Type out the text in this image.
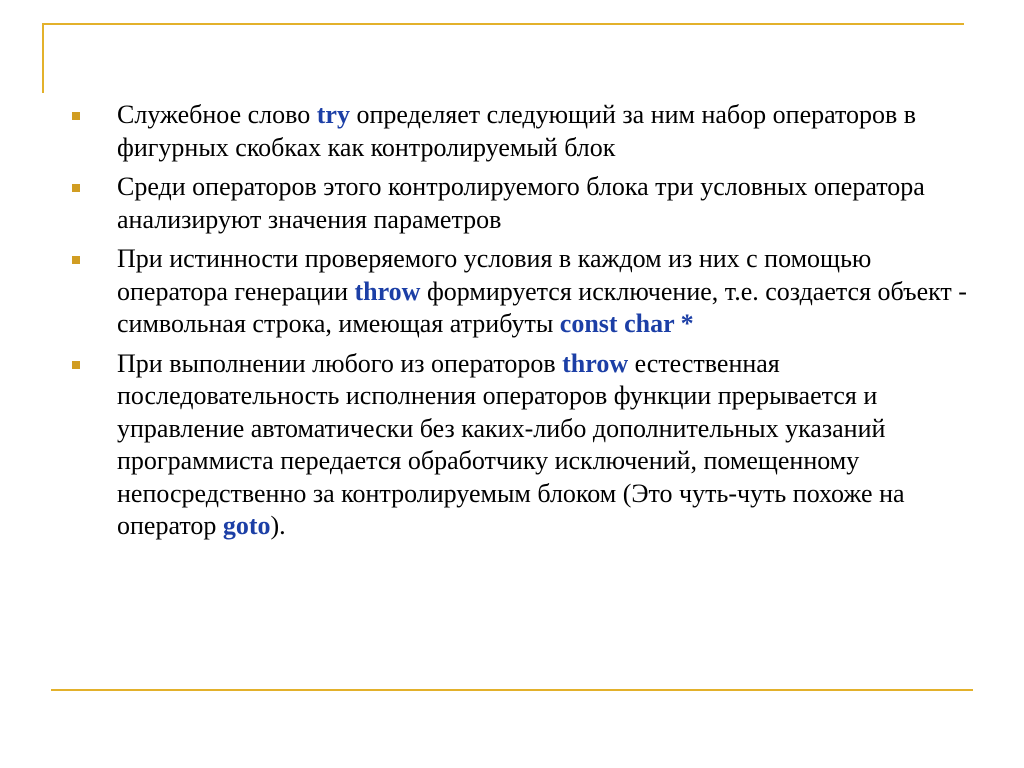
Служебное слово try определяет следующий за ним набор операторов в фигурных скобках как контролируемый блок
Среди операторов этого контролируемого блока три условных оператора анализируют значения параметров
При истинности проверяемого условия в каждом из них с помощью оператора генерации throw формируется исключение, т.е. создается объект - символьная строка, имеющая атрибуты const char *
При выполнении любого из операторов throw естественная последовательность исполнения операторов функции прерывается и управление автоматически без каких-либо дополнительных указаний программиста передается обработчику исключений, помещенному непосредственно за контролируемым блоком (Это чуть-чуть похоже на оператор goto).
